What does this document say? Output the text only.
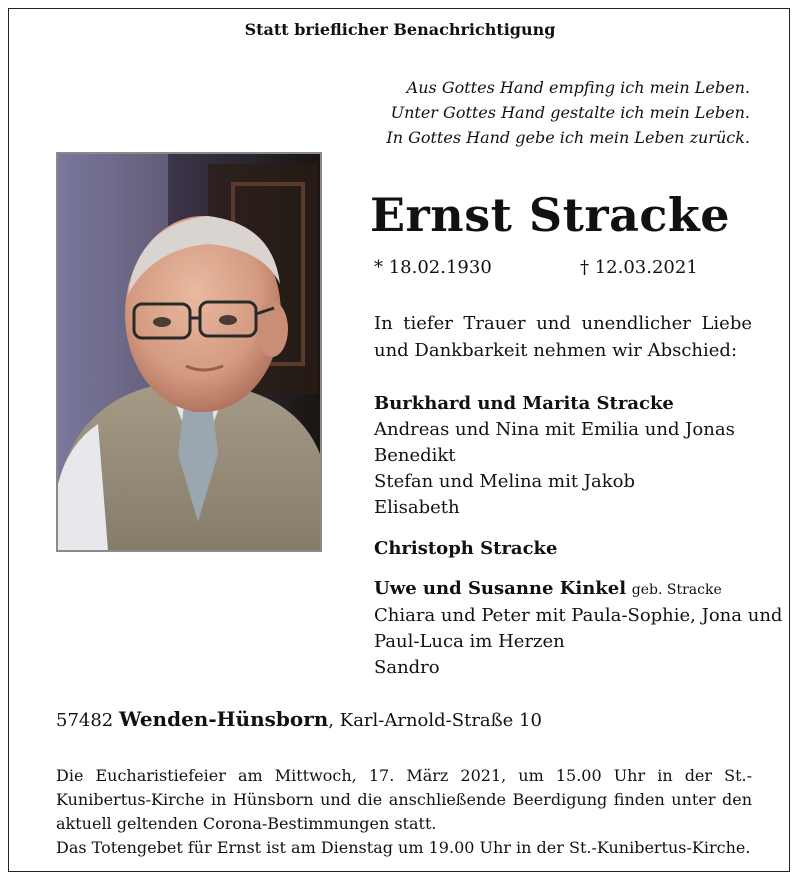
Statt brieflicher Benachrichtigung
Aus Gottes Hand empfing ich mein Leben.
Unter Gottes Hand gestalte ich mein Leben.
In Gottes Hand gebe ich mein Leben zurück.
Ernst Stracke
* 18.02.1930	† 12.03.2021
In tiefer Trauer und unendlicher Liebe und Dankbarkeit nehmen wir Abschied:
Burkhard und Marita Stracke
Andreas und Nina mit Emilia und Jonas
Benedikt
Stefan und Melina mit Jakob
Elisabeth
Christoph Stracke
Uwe und Susanne Kinkel geb. Stracke
Chiara und Peter mit Paula-Sophie, Jona und
Paul-Luca im Herzen
Sandro
57482 Wenden-Hünsborn, Karl-Arnold-Straße 10

Die Eucharistiefeier am Mittwoch, 17. März 2021, um 15.00 Uhr in der St.-Kunibertus-Kirche in Hünsborn und die anschließende Beerdigung finden unter den aktuell geltenden Corona-Bestimmungen statt.

Das Totengebet für Ernst ist am Dienstag um 19.00 Uhr in der St.-Kunibertus-Kirche.
